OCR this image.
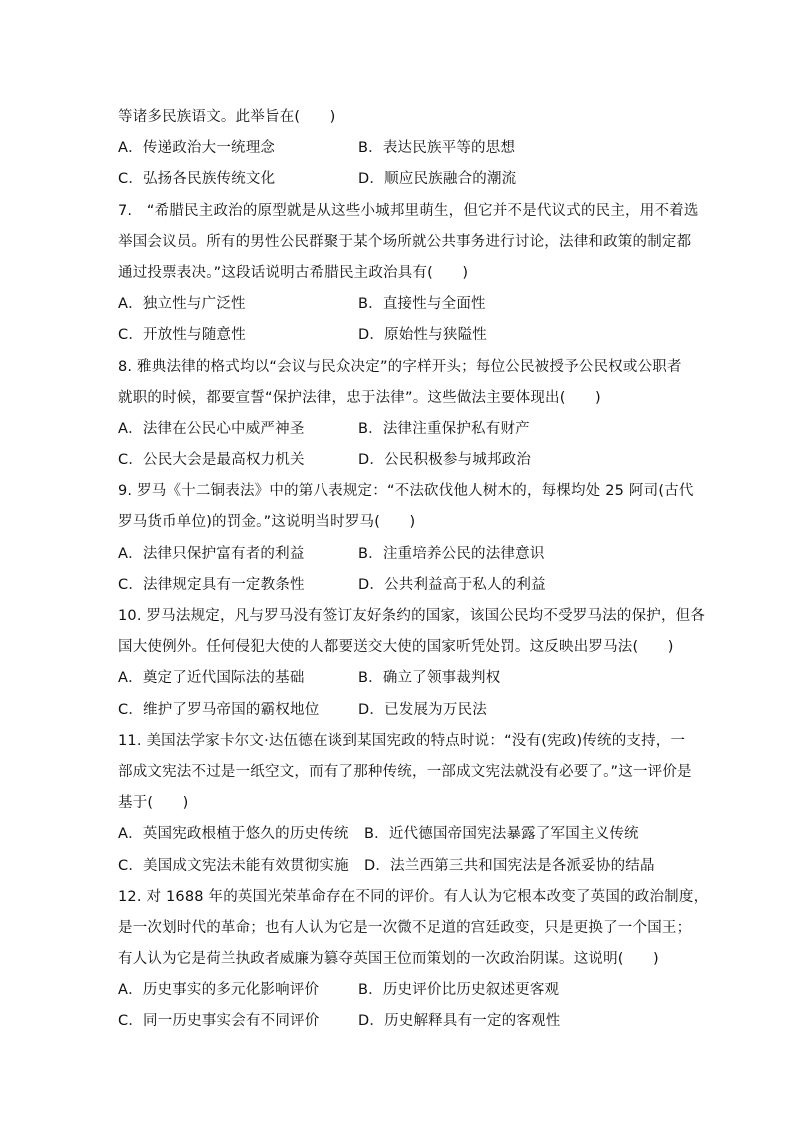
等诸多民族语文。此举旨在(　　)
A．传递政治大一统理念	B．表达民族平等的思想
C．弘扬各民族传统文化	D．顺应民族融合的潮流
7.　“希腊民主政治的原型就是从这些小城邦里萌生，但它并不是代议式的民主，用不着选
举国会议员。所有的男性公民群聚于某个场所就公共事务进行讨论，法律和政策的制定都
通过投票表决。”这段话说明古希腊民主政治具有(　　)
A．独立性与广泛性	B．直接性与全面性
C．开放性与随意性	D．原始性与狭隘性
8. 雅典法律的格式均以“会议与民众决定”的字样开头；每位公民被授予公民权或公职者
就职的时候，都要宣誓“保护法律，忠于法律”。这些做法主要体现出(　　)
A．法律在公民心中威严神圣	B．法律注重保护私有财产
C．公民大会是最高权力机关	D．公民积极参与城邦政治
9. 罗马《十二铜表法》中的第八表规定：“不法砍伐他人树木的，每棵均处 25 阿司(古代
罗马货币单位)的罚金。”这说明当时罗马(　　)
A．法律只保护富有者的利益	B．注重培养公民的法律意识
C．法律规定具有一定教条性	D．公共利益高于私人的利益
10. 罗马法规定，凡与罗马没有签订友好条约的国家，该国公民均不受罗马法的保护，但各
国大使例外。任何侵犯大使的人都要送交大使的国家听凭处罚。这反映出罗马法(　　)
A．奠定了近代国际法的基础	B．确立了领事裁判权
C．维护了罗马帝国的霸权地位	D．已发展为万民法
11. 美国法学家卡尔文·达伍德在谈到某国宪政的特点时说：“没有(宪政)传统的支持，一
部成文宪法不过是一纸空文，而有了那种传统，一部成文宪法就没有必要了。”这一评价是
基于(　　)
A．英国宪政根植于悠久的历史传统	B．近代德国帝国宪法暴露了军国主义传统
C．美国成文宪法未能有效贯彻实施	D．法兰西第三共和国宪法是各派妥协的结晶
12. 对 1688 年的英国光荣革命存在不同的评价。有人认为它根本改变了英国的政治制度，
是一次划时代的革命；也有人认为它是一次微不足道的宫廷政变，只是更换了一个国王；
有人认为它是荷兰执政者威廉为篡夺英国王位而策划的一次政治阴谋。这说明(　　)
A．历史事实的多元化影响评价	B．历史评价比历史叙述更客观
C．同一历史事实会有不同评价	D．历史解释具有一定的客观性
